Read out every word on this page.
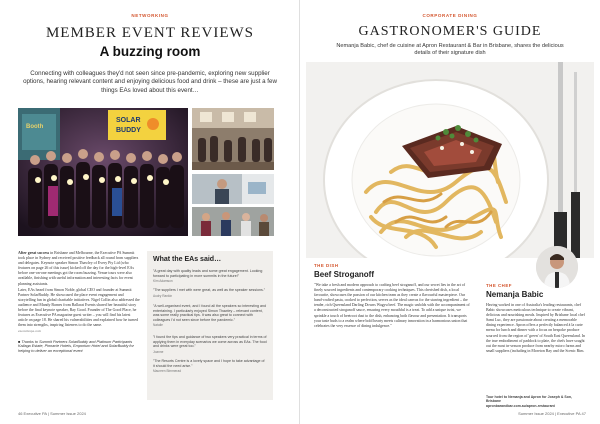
NETWORKING
MEMBER EVENT REVIEWS
A buzzing room
Connecting with colleagues they'd not seen since pre-pandemic, exploring new supplier options, hearing relevant content and enjoying delicious food and drink – these are just a few things EAs loved about this event…
Booth
SOLAR
BUDDY

After great success in Brisbane and Melbourne, the Executive PA Summit took place in Sydney and received positive feedback all round from suppliers and delegates. Keynote speaker Simon Thawley of Every Pty Ltd (who features on page 26 of this issue) kicked off the day for the high-level EAs before one-on-one meetings got the room buzzing. Venue tours were also available, finishing with useful information and interesting facts for event planning assistants.

Later, EAs heard from Simon Noble, global CEO and founder at Summit Partner SolarBuddy. He showcased the place event engagement and storytelling fun in global charitable initiatives. Nigel Collin also addressed the audience and Mandy Barnes from Ballarat Events shared her beautiful story before the final keynote speaker, Ray Good. Founder of The Good Place, he features as Executive PA magazine guest writer – you will find his latest article on page 18. He shared his vulnerabilities and explained how he turned them into strengths, inspiring listeners to do the same.

executivepa.com

■ Thanks to Summit Partners SolarBuddy and Platinum Participants Kallaga Estate, Pinnacle Hotels, Emporium Hotel and SolarBuddy for helping to deliver an exceptional event

What the EAs said…
"A great day with quality leads and some great engagement. Looking forward to participating in more summits in the future!"
Kim Adamson
"The suppliers I met with were great, as well as the speaker sessions."
Audry Rankin
"A well-organised event, and I found all the speakers so interesting and entertaining. I particularly enjoyed Simon Thawley – relevant content, was some really practical tips. It was also great to connect with colleagues I'd not seen since before the pandemic."
Natalie
"I found the tips and guidance of two speakers very practical in terms of applying them in everyday scenarios we come across as EAs. The food and drinks were great too."
Joanne
"The Resorts Centre is a lovely space and I hope to take advantage of it should the need arise."
Maureen Bimmerad
46 Executive PA | Summer Issue 2024
CORPORATE DINING
GASTRONOMER'S GUIDE
Nemanja Babic, chef de cuisine at Apron Restaurant & Bar in Brisbane, shares the delicious details of their signature dish
THE DISH
Beef Stroganoff
"We take a fresh and modern approach to crafting beef stroganoff, and our secret lies in the art of finely sourced ingredients and contemporary cooking techniques. This cherished dish, a local favourite, showcases the passion of our kitchen team as they create a flavourful masterpiece. Our hand-crafted pasta, cooked to perfection, serves as the ideal canvas for the starring ingredient – the tender, rich Queensland Darling Downs Wagyu beef. The magic unfolds with the accompaniment of a deconstructed stroganoff sauce, ensuring every mouthful is a treat. To add a unique twist, we sprinkle a touch of beetroot dust to the dish, enhancing both flavour and presentation. It transports your taste buds to a realm where bold hearty meets culinary innovation in a harmonious union that celebrates the very essence of dining indulgence."
THE CHEF
Nemanja Babic
Having worked in one of Australia's leading restaurants, chef Babic showcases meticulous technique to create vibrant, delicious and nourishing meals. Inspired by Brisbane local chef Sami Luc, they are passionate about creating a memorable dining experience. Apron offers a perfectly balanced à la carte menu for lunch and dinner with a focus on bespoke produce sourced from the region of 'green' of South East Queensland. In the true embodiment of paddock to plate, the chefs have sought out the most in-season produce from nearby micro farms and small suppliers (including in Moreton Bay and the Scenic Rim.
Tour hotel to Nemanja and Apron for Joseph & Son, Brisbane
apronbarandbar.com.au/apron-restaurant
Summer Issue 2024 | Executive PA 47
